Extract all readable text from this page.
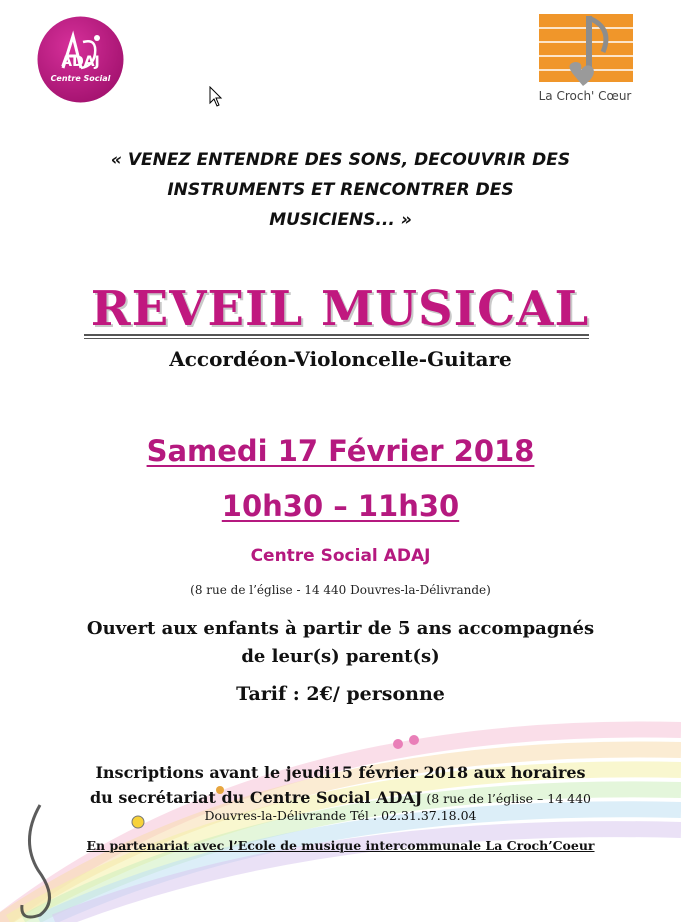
ADAJ
Centre Social
La Croch' Cœur
« VENEZ ENTENDRE DES SONS, DECOUVRIR DES
INSTRUMENTS ET RENCONTRER DES
MUSICIENS... »
REVEIL MUSICAL
Accordéon-Violoncelle-Guitare
Samedi 17 Février 2018
10h30 – 11h30
Centre Social ADAJ
(8 rue de l’église - 14 440 Douvres-la-Délivrande)
Ouvert aux enfants à partir de 5 ans accompagnés
de leur(s) parent(s)
Tarif : 2€/ personne
Inscriptions avant le jeudi15 février 2018 aux horaires
du secrétariat du Centre Social ADAJ (8 rue de l’église – 14 440
Douvres-la-Délivrande Tél : 02.31.37.18.04
En partenariat avec l’Ecole de musique intercommunale La Croch’Coeur
